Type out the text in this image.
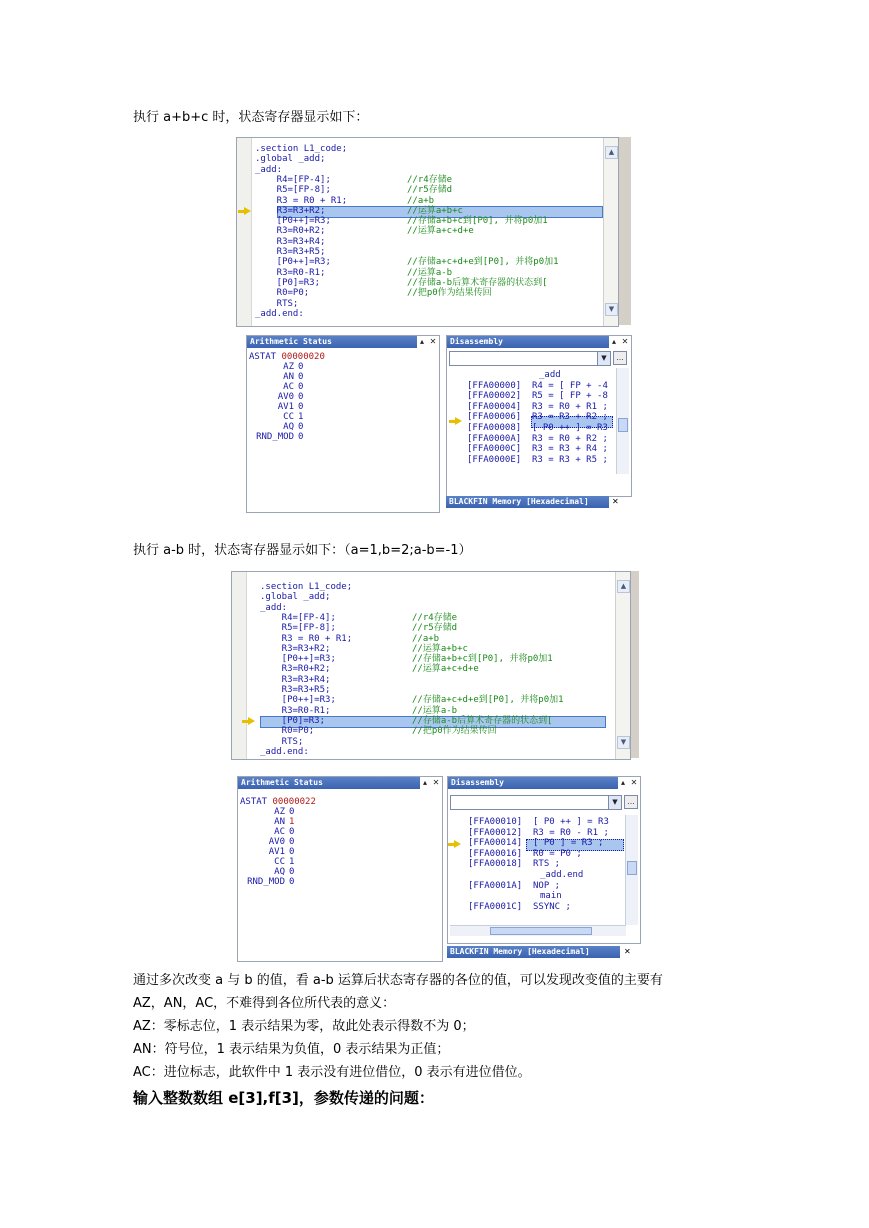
执行 a+b+c 时，状态寄存器显示如下：
▲
▼
.section L1_code;
.global _add;
_add:
R4=[FP-4];	//r4存储e
R5=[FP-8];	//r5存储d
R3 = R0 + R1;	//a+b
R3=R3+R2;	//运算a+b+c
[P0++]=R3;	//存储a+b+c到[P0], 并将p0加1
R3=R0+R2;	//运算a+c+d+e
R3=R3+R4;
R3=R3+R5;
[P0++]=R3;	//存储a+c+d+e到[P0], 并将p0加1
R3=R0-R1;	//运算a-b
[P0]=R3;	//存储a-b后算术寄存器的状态到[
R0=P0;	//把p0作为结果传回
RTS;
_add.end:
Arithmetic Status	▴ ✕
ASTAT 00000020
AZ 0
AN 0
AC 0
AV0 0
AV1 0
CC 1
AQ 0
RND_MOD 0
Disassembly	▴ ✕
▼	…
_add
[FFA00000] R4 = [ FP + -4
[FFA00002] R5 = [ FP + -8
[FFA00004] R3 = R0 + R1 ;
[FFA00006] R3 = R3 + R2 ;
[FFA00008] [ P0 ++ ] = R3
[FFA0000A] R3 = R0 + R2 ;
[FFA0000C] R3 = R3 + R4 ;
[FFA0000E] R3 = R3 + R5 ;
BLACKFIN Memory [Hexadecimal]	✕
执行 a-b 时，状态寄存器显示如下：（a=1,b=2;a-b=-1）
▲
▼
.section L1_code;
.global _add;
_add:
R4=[FP-4];	//r4存储e
R5=[FP-8];	//r5存储d
R3 = R0 + R1;	//a+b
R3=R3+R2;	//运算a+b+c
[P0++]=R3;	//存储a+b+c到[P0], 并将p0加1
R3=R0+R2;	//运算a+c+d+e
R3=R3+R4;
R3=R3+R5;
[P0++]=R3;	//存储a+c+d+e到[P0], 并将p0加1
R3=R0-R1;	//运算a-b
[P0]=R3;	//存储a-b后算术寄存器的状态到[
R0=P0;	//把p0作为结果传回
RTS;
_add.end:
Arithmetic Status	▴ ✕
ASTAT 00000022
AZ 0
AN 1
AC 0
AV0 0
AV1 0
CC 1
AQ 0
RND_MOD 0
Disassembly	▴ ✕
▼	…
[FFA00010] [ P0 ++ ] = R3
[FFA00012] R3 = R0 - R1 ;
[FFA00014] [ P0 ] = R3 ;
[FFA00016] R0 = P0 ;
[FFA00018] RTS ;
_add.end
[FFA0001A] NOP ;
main
[FFA0001C] SSYNC ;
BLACKFIN Memory [Hexadecimal]	✕
通过多次改变 a 与 b 的值，看 a-b 运算后状态寄存器的各位的值，可以发现改变值的主要有
AZ，AN，AC，不难得到各位所代表的意义：
AZ：零标志位，1 表示结果为零，故此处表示得数不为 0；
AN：符号位，1 表示结果为负值，0 表示结果为正值；
AC：进位标志，此软件中 1 表示没有进位借位，0 表示有进位借位。
输入整数数组 e[3],f[3]，参数传递的问题：
